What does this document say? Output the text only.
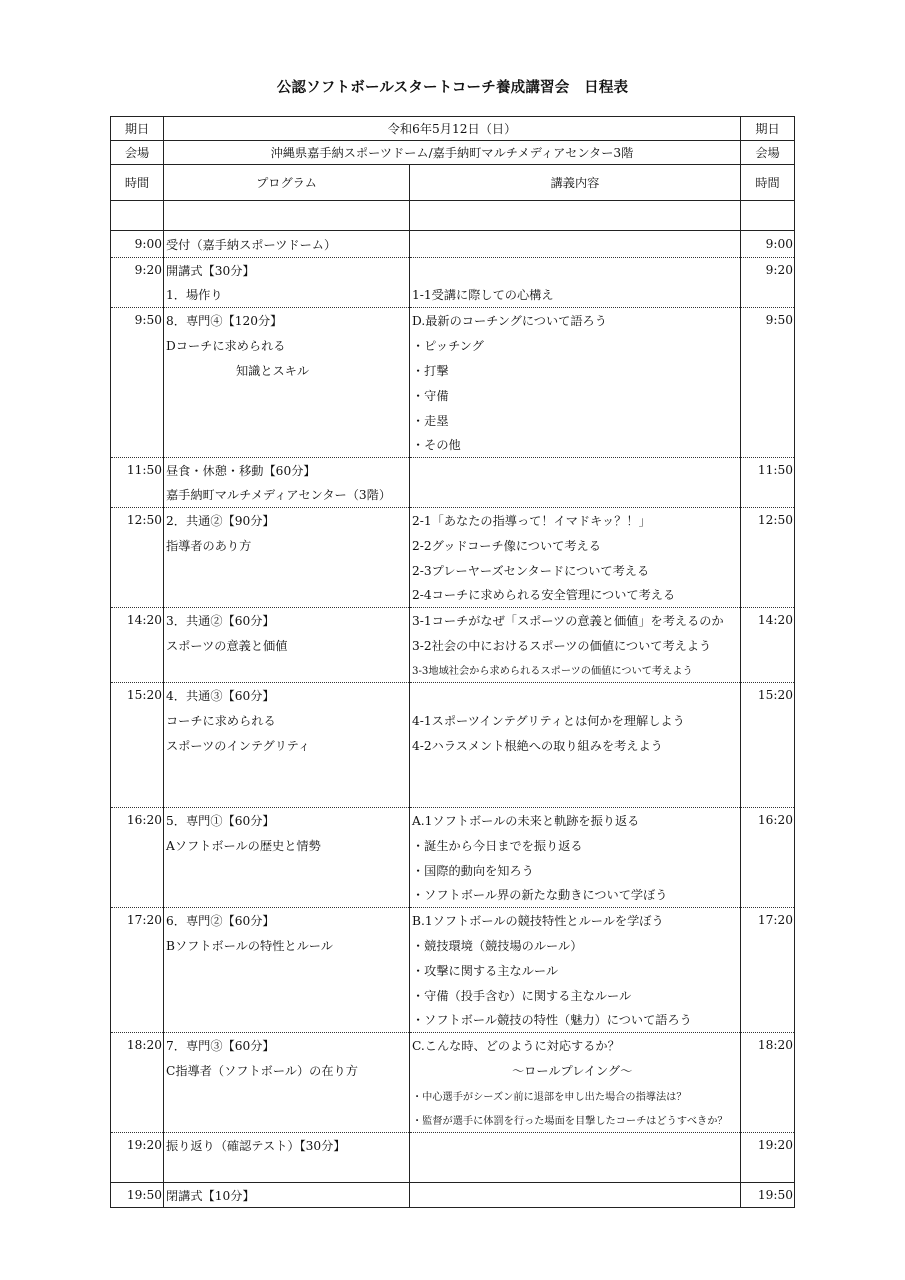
公認ソフトボールスタートコーチ養成講習会　日程表
期日	令和6年5月12日（日）		期日
会場	沖縄県嘉手納スポーツドーム/嘉手納町マルチメディアセンター3階		会場
時間	プログラム	講義内容	時間

9:00	受付（嘉手納スポーツドーム）		9:00
9:20	開講式【30分】		9:20
	1．場作り	1-1受講に際しての心構え	
9:50	8．専門④【120分】	D.最新のコーチングについて語ろう	9:50
	Dコーチに求められる	・ピッチング	
	知識とスキル	・打撃	
		・守備	
		・走塁	
		・その他	
11:50	昼食・休憩・移動【60分】		11:50
	嘉手納町マルチメディアセンター（3階）		
12:50	2．共通②【90分】	2-1「あなたの指導って！イマドキッ？！」	12:50
	指導者のあり方	2-2グッドコーチ像について考える	
		2-3プレーヤーズセンタードについて考える	
		2-4コーチに求められる安全管理について考える	
14:20	3．共通②【60分】	3-1コーチがなぜ「スポーツの意義と価値」を考えるのか	14:20
	スポーツの意義と価値	3-2社会の中におけるスポーツの価値について考えよう	
		3-3地域社会から求められるスポーツの価値について考えよう	
15:20	4．共通③【60分】		15:20
	コーチに求められる	4-1スポーツインテグリティとは何かを理解しよう	
	スポーツのインテグリティ	4-2ハラスメント根絶への取り組みを考えよう	

16:20	5．専門①【60分】	A.1ソフトボールの未来と軌跡を振り返る	16:20
	Aソフトボールの歴史と情勢	・誕生から今日までを振り返る	
		・国際的動向を知ろう	
		・ソフトボール界の新たな動きについて学ぼう	
17:20	6．専門②【60分】	B.1ソフトボールの競技特性とルールを学ぼう	17:20
	Bソフトボールの特性とルール	・競技環境（競技場のルール）	
		・攻撃に関する主なルール	
		・守備（投手含む）に関する主なルール	
		・ソフトボール競技の特性（魅力）について語ろう	
18:20	7．専門③【60分】	C.こんな時、どのように対応するか？	18:20
	C指導者（ソフトボール）の在り方	～ロールプレイング～	
		・中心選手がシーズン前に退部を申し出た場合の指導法は？	
		・監督が選手に体罰を行った場面を目撃したコーチはどうすべきか？	
19:20	振り返り（確認テスト）【30分】		19:20

19:50	閉講式【10分】		19:50
